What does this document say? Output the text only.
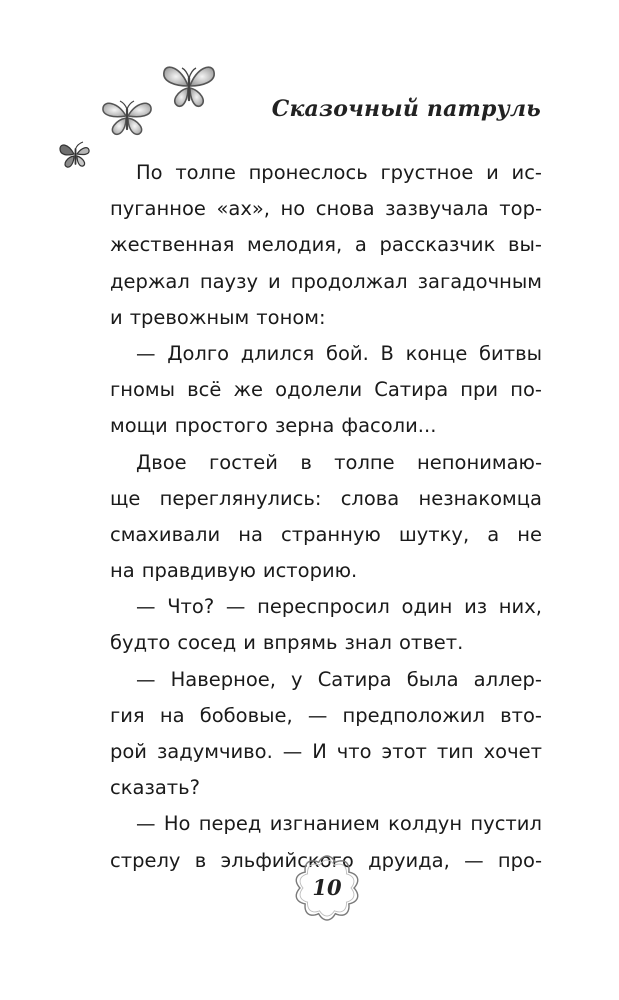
Сказочный патруль
По толпе пронеслось грустное и ис-
пуганное «ах», но снова зазвучала тор-
жественная мелодия, а рассказчик вы-
держал паузу и продолжал загадочным
и тревожным тоном:
— Долго длился бой. В конце битвы
гномы всё же одолели Сатира при по-
мощи простого зерна фасоли...
Двое гостей в толпе непонимаю-
ще переглянулись: слова незнакомца
смахивали на странную шутку, а не
на правдивую историю.
— Что? — переспросил один из них,
будто сосед и впрямь знал ответ.
— Наверное, у Сатира была аллер-
гия на бобовые, — предположил вто-
рой задумчиво. — И что этот тип хочет
сказать?
— Но перед изгнанием колдун пустил
стрелу в эльфийского друида, — про-
10
